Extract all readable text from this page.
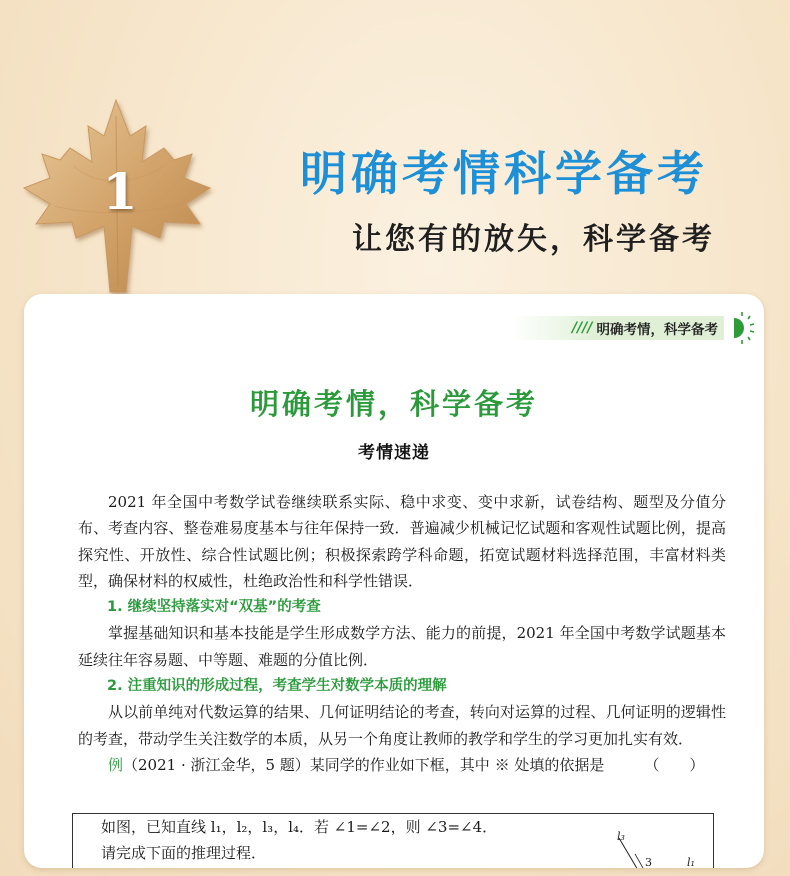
1	明确考情科学备考
让您有的放矢，科学备考
//// 明确考情，科学备考
明确考情，科学备考
考情速递

2021 年全国中考数学试卷继续联系实际、稳中求变、变中求新，试卷结构、题型及分值分布、考查内容、整卷难易度基本与往年保持一致．普遍减少机械记忆试题和客观性试题比例，提高探究性、开放性、综合性试题比例；积极探索跨学科命题，拓宽试题材料选择范围，丰富材料类型，确保材料的权威性，杜绝政治性和科学性错误．

1. 继续坚持落实对“双基”的考查

掌握基础知识和基本技能是学生形成数学方法、能力的前提，2021 年全国中考数学试题基本延续往年容易题、中等题、难题的分值比例．

2. 注重知识的形成过程，考查学生对数学本质的理解

从以前单纯对代数运算的结果、几何证明结论的考查，转向对运算的过程、几何证明的逻辑性的考查，带动学生关注数学的本质，从另一个角度让教师的教学和学生的学习更加扎实有效．

例（2021 · 浙江金华，5 题）某同学的作业如下框，其中 ※ 处填的依据是	（　　）

如图，已知直线 l₁，l₂，l₃，l₄．若 ∠1=∠2，则 ∠3=∠4．

请完成下面的推理过程．

l₃
3	l₁
